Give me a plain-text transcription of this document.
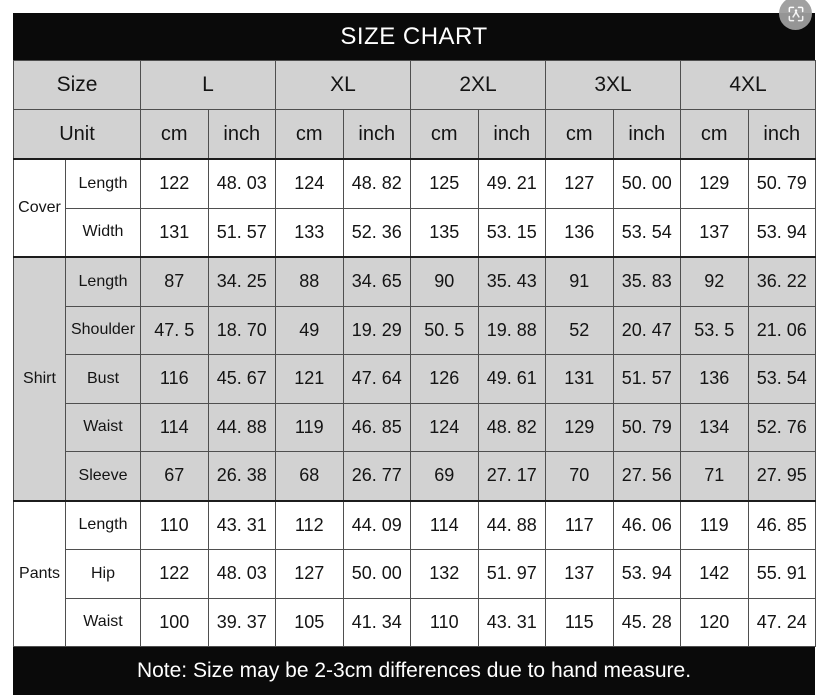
SIZE CHART
Size		L		XL		2XL		3XL		4XL	
Unit		cm	inch	cm	inch	cm	inch	cm	inch	cm	inch
Cover	Length	122	48. 03	124	48. 82	125	49. 21	127	50. 00	129	50. 79
	Width	131	51. 57	133	52. 36	135	53. 15	136	53. 54	137	53. 94
Shirt	Length	87	34. 25	88	34. 65	90	35. 43	91	35. 83	92	36. 22
	Shoulder	47. 5	18. 70	49	19. 29	50. 5	19. 88	52	20. 47	53. 5	21. 06
	Bust	116	45. 67	121	47. 64	126	49. 61	131	51. 57	136	53. 54
	Waist	114	44. 88	119	46. 85	124	48. 82	129	50. 79	134	52. 76
	Sleeve	67	26. 38	68	26. 77	69	27. 17	70	27. 56	71	27. 95
Pants	Length	110	43. 31	112	44. 09	114	44. 88	117	46. 06	119	46. 85
	Hip	122	48. 03	127	50. 00	132	51. 97	137	53. 94	142	55. 91
	Waist	100	39. 37	105	41. 34	110	43. 31	115	45. 28	120	47. 24
Note: Size may be 2-3cm differences due to hand measure.
